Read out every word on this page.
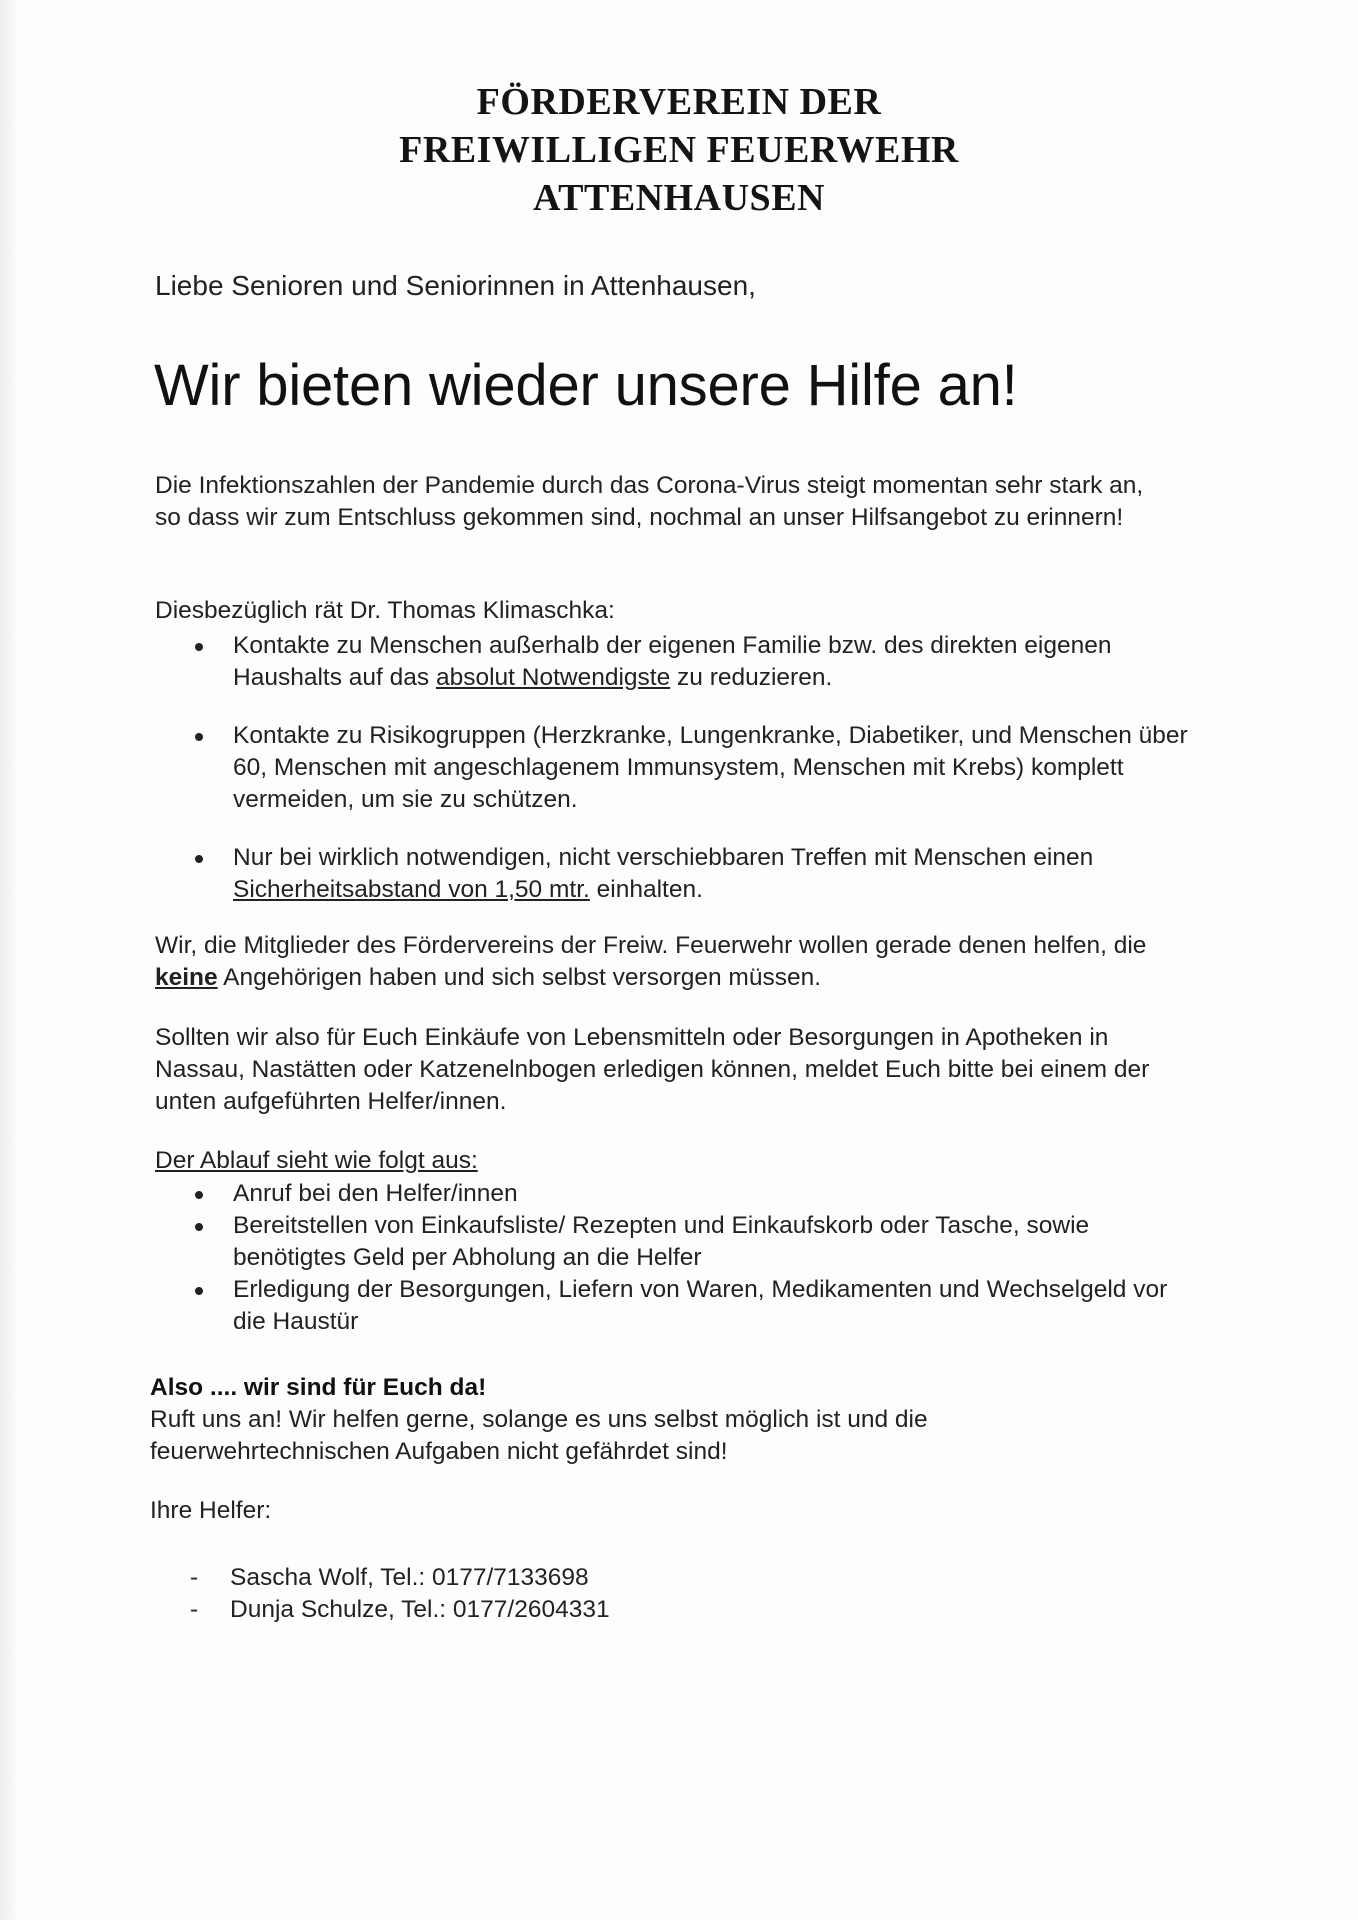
FÖRDERVEREIN DER
FREIWILLIGEN FEUERWEHR
ATTENHAUSEN
Liebe Senioren und Seniorinnen in Attenhausen,
Wir bieten wieder unsere Hilfe an!
Die Infektionszahlen der Pandemie durch das Corona-Virus steigt momentan sehr stark an, so dass wir zum Entschluss gekommen sind, nochmal an unser Hilfsangebot zu erinnern!
Diesbezüglich rät Dr. Thomas Klimaschka:
Kontakte zu Menschen außerhalb der eigenen Familie bzw. des direkten eigenen Haushalts auf das absolut Notwendigste zu reduzieren.
Kontakte zu Risikogruppen (Herzkranke, Lungenkranke, Diabetiker, und Menschen über 60, Menschen mit angeschlagenem Immunsystem, Menschen mit Krebs) komplett vermeiden, um sie zu schützen.
Nur bei wirklich notwendigen, nicht verschiebbaren Treffen mit Menschen einen Sicherheitsabstand von 1,50 mtr. einhalten.
Wir, die Mitglieder des Fördervereins der Freiw. Feuerwehr wollen gerade denen helfen, die keine Angehörigen haben und sich selbst versorgen müssen.
Sollten wir also für Euch Einkäufe von Lebensmitteln oder Besorgungen in Apotheken in Nassau, Nastätten oder Katzenelnbogen erledigen können, meldet Euch bitte bei einem der unten aufgeführten Helfer/innen.
Der Ablauf sieht wie folgt aus:
Anruf bei den Helfer/innen
Bereitstellen von Einkaufsliste/ Rezepten und Einkaufskorb oder Tasche, sowie benötigtes Geld per Abholung an die Helfer
Erledigung der Besorgungen, Liefern von Waren, Medikamenten und Wechselgeld vor die Haustür
Also .... wir sind für Euch da!
Ruft uns an! Wir helfen gerne, solange es uns selbst möglich ist und die feuerwehrtechnischen Aufgaben nicht gefährdet sind!
Ihre Helfer:
- Sascha Wolf, Tel.: 0177/7133698
- Dunja Schulze, Tel.: 0177/2604331
